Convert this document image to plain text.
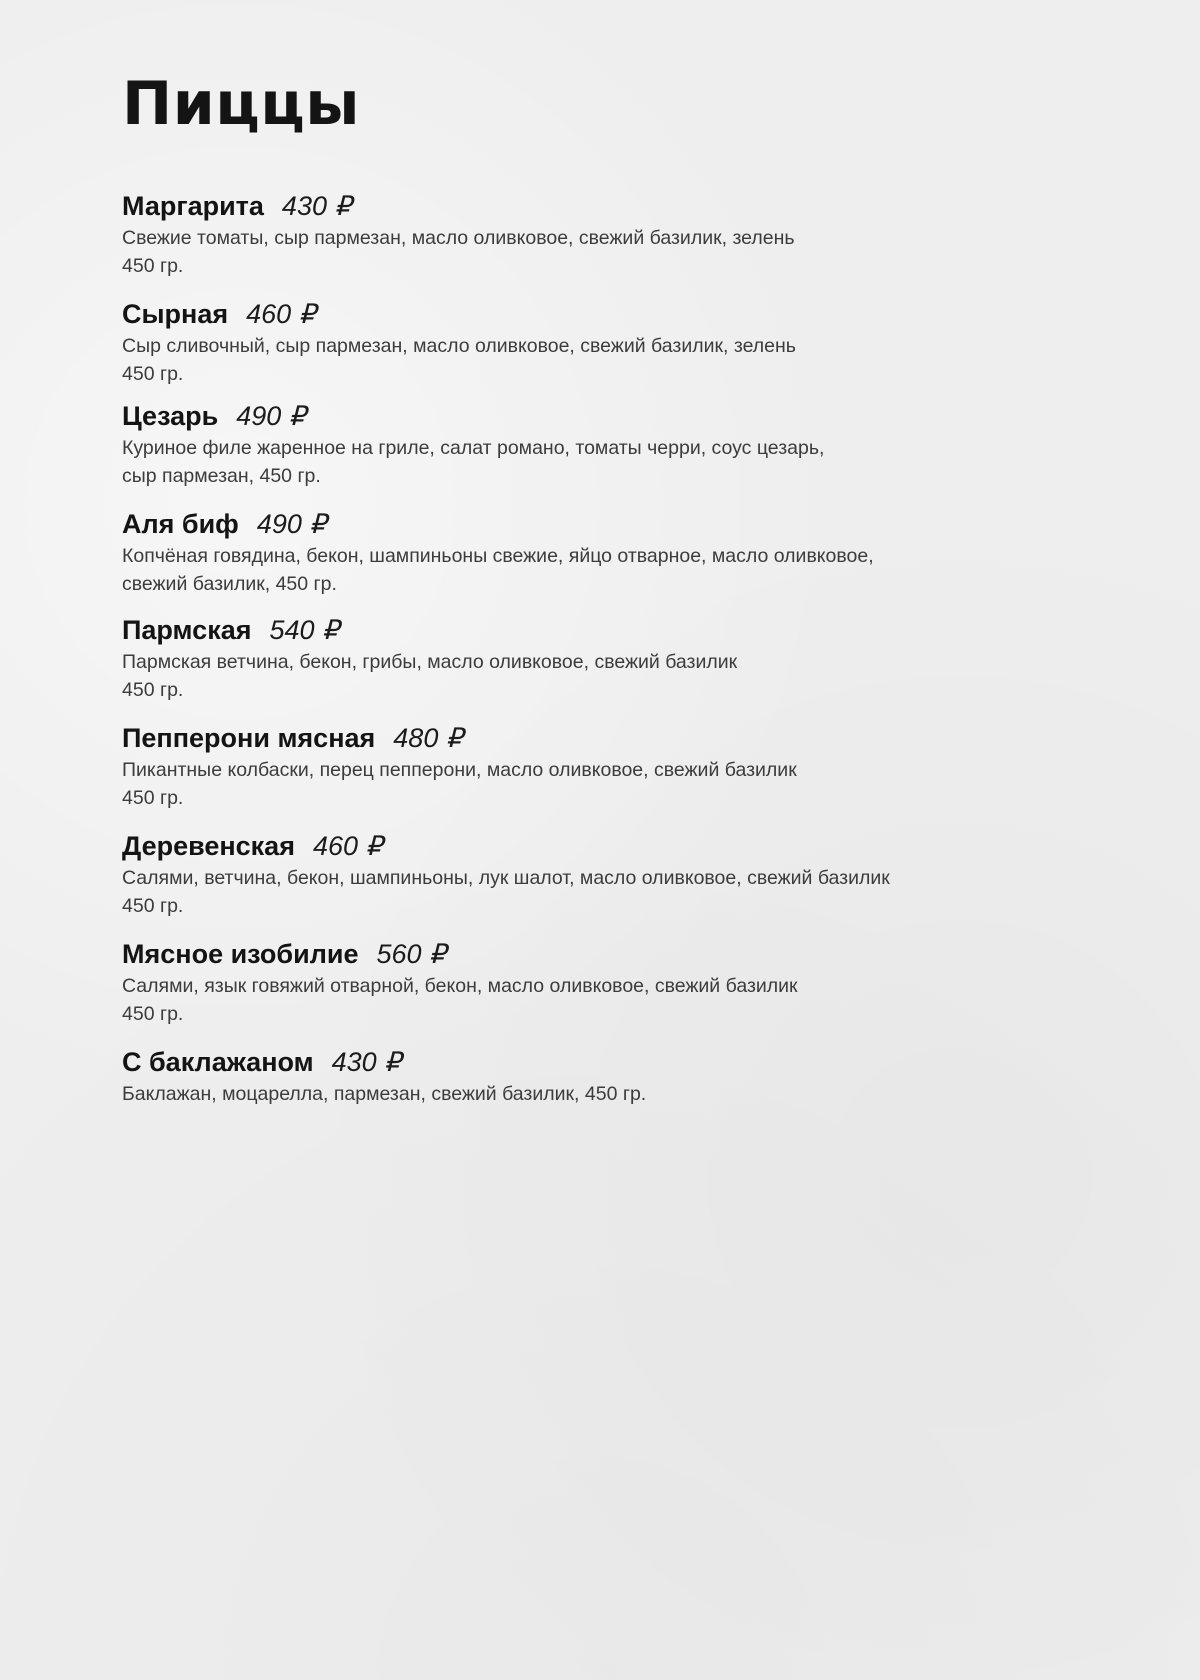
Пиццы
Маргарита 430 ₽
Свежие томаты, сыр пармезан, масло оливковое, свежий базилик, зелень
450 гр.
Сырная 460 ₽
Сыр сливочный, сыр пармезан, масло оливковое, свежий базилик, зелень
450 гр.
Цезарь 490 ₽
Куриное филе жаренное на гриле, салат романо, томаты черри, соус цезарь,
сыр пармезан, 450 гр.
Аля биф 490 ₽
Копчёная говядина, бекон, шампиньоны свежие, яйцо отварное, масло оливковое,
свежий базилик, 450 гр.
Пармская 540 ₽
Пармская ветчина, бекон, грибы, масло оливковое, свежий базилик
450 гр.
Пепперони мясная 480 ₽
Пикантные колбаски, перец пепперони, масло оливковое, свежий базилик
450 гр.
Деревенская 460 ₽
Салями, ветчина, бекон, шампиньоны, лук шалот, масло оливковое, свежий базилик
450 гр.
Мясное изобилие 560 ₽
Салями, язык говяжий отварной, бекон, масло оливковое, свежий базилик
450 гр.
С баклажаном 430 ₽
Баклажан, моцарелла, пармезан, свежий базилик, 450 гр.
